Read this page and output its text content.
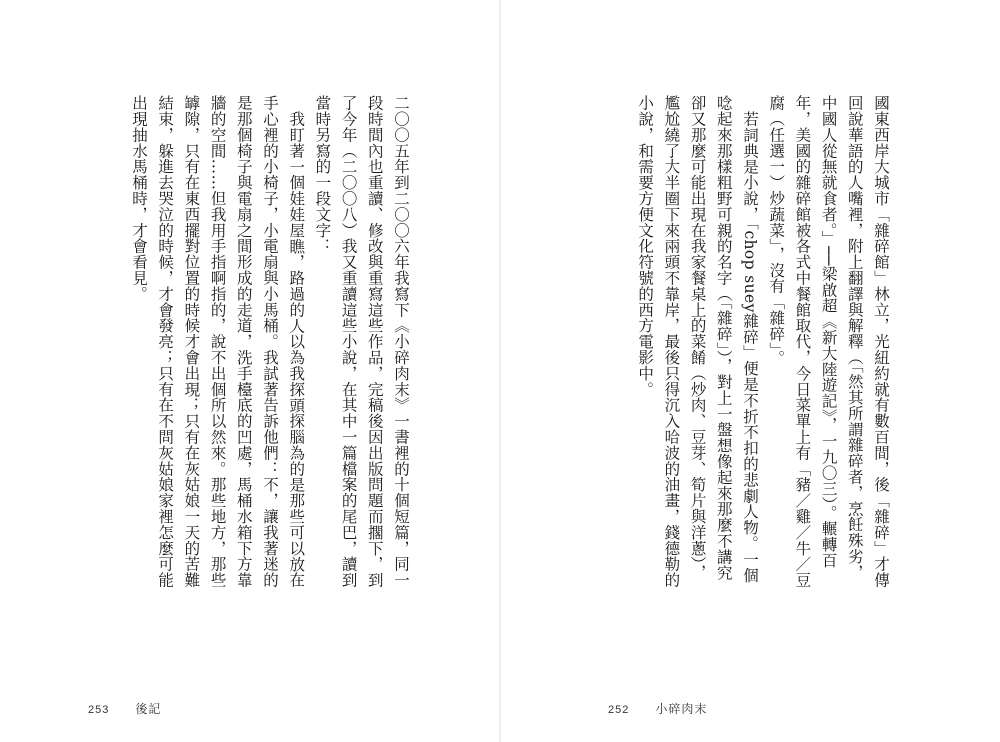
二〇〇五年到二〇〇六年我寫下《小碎肉末》一書裡的十個短篇，同一段時間內也重讀、修改與重寫這些作品，完稿後因出版問題而擱下，到了今年（二〇〇八）我又重讀這些小說，在其中一篇檔案的尾巴，讀到當時另寫的一段文字：

我盯著一個娃娃屋瞧，路過的人以為我探頭探腦為的是那些可以放在手心裡的小椅子，小電扇與小馬桶。我試著告訴他們：不，讓我著迷的是那個椅子與電扇之間形成的走道，洗手檯底的凹處，馬桶水箱下方靠牆的空間……但我用手指啊指的，說不出個所以然來。那些地方，那些罅隙，只有在東西擺對位置的時候才會出現；只有在灰姑娘一天的苦難結束，躲進去哭泣的時候，才會發亮；只有在不問灰姑娘家裡怎麼可能出現抽水馬桶時，才會看見。

253 後記	252 小碎肉末

國東西岸大城市「雜碎館」林立，光紐約就有數百間，後「雜碎」才傳回說華語的人嘴裡，附上翻譯與解釋（「然其所謂雜碎者，烹飪殊劣，中國人從無就食者。」──梁啟超《新大陸遊記》，一九〇三）。輾轉百年，美國的雜碎館被各式中餐館取代，今日菜單上有「豬／雞／牛／豆腐（任選一）炒蔬菜」，沒有「雜碎」。

若詞典是小說，「chop suey雜碎」便是不折不扣的悲劇人物。一個唸起來那樣粗野可親的名字（「雜碎」），對上一盤想像起來那麼不講究卻又那麼可能出現在我家餐桌上的菜餚（炒肉、豆芽、筍片與洋蔥），尷尬繞了大半圈下來兩頭不靠岸，最後只得沉入哈波的油畫，錢德勒的小說，和需要方便文化符號的西方電影中。
